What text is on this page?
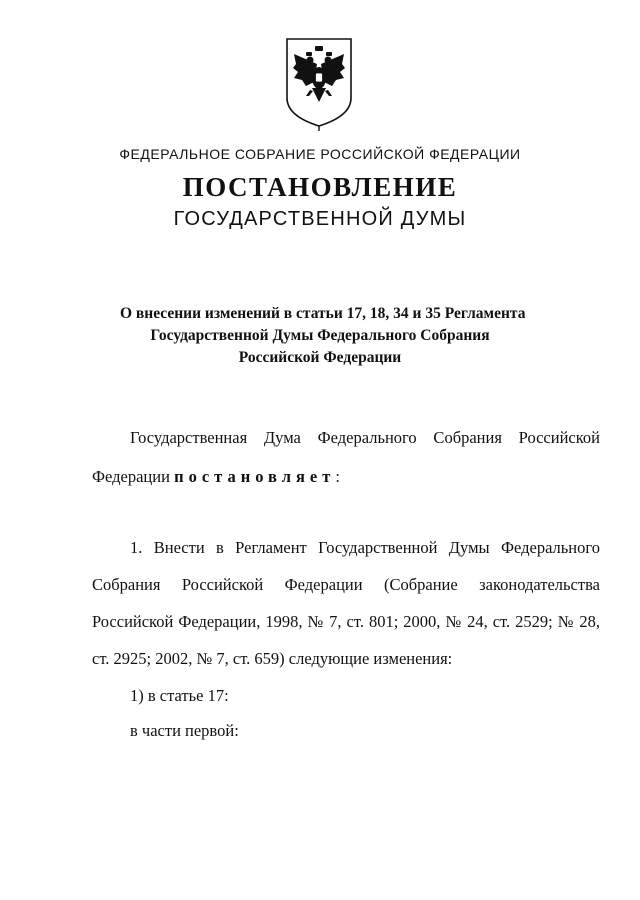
ФЕДЕРАЛЬНОЕ СОБРАНИЕ РОССИЙСКОЙ ФЕДЕРАЦИИ
ПОСТАНОВЛЕНИЕ
ГОСУДАРСТВЕННОЙ ДУМЫ
О внесении изменений в статьи 17, 18, 34 и 35 Регламента
Государственной Думы Федерального Собрания
Российской Федерации
Государственная Дума Федерального Собрания Российской
Федерации постановляет:
1. Внести в Регламент Государственной Думы Федерального
Собрания Российской Федерации (Собрание законодательства
Российской Федерации, 1998, № 7, ст. 801; 2000, № 24, ст. 2529; № 28,
ст. 2925; 2002, № 7, ст. 659) следующие изменения:
1) в статье 17:
в части первой:
